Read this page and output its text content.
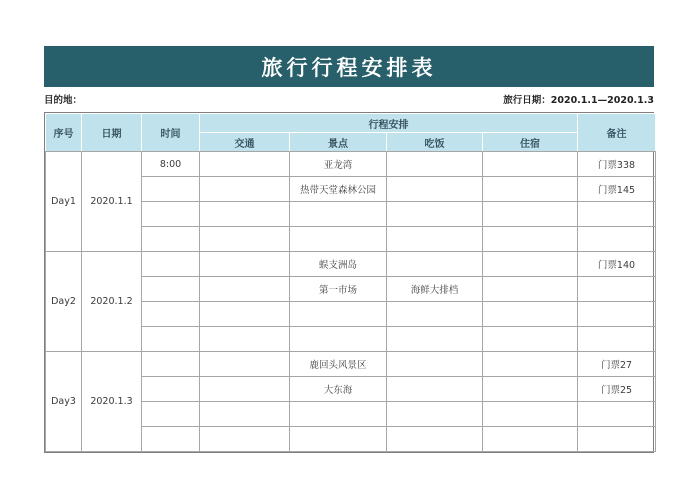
旅行行程安排表
目的地：	旅行日期：2020.1.1—2020.1.3
序号	日期	时间	行程安排				备注
			交通	景点	吃饭	住宿	
Day1	2020.1.1	8:00		亚龙湾			门票338
				热带天堂森林公园			门票145

Day2	2020.1.2			蜈支洲岛			门票140
				第一市场	海鲜大排档		

Day3	2020.1.3			鹿回头风景区			门票27
				大东海			门票25
